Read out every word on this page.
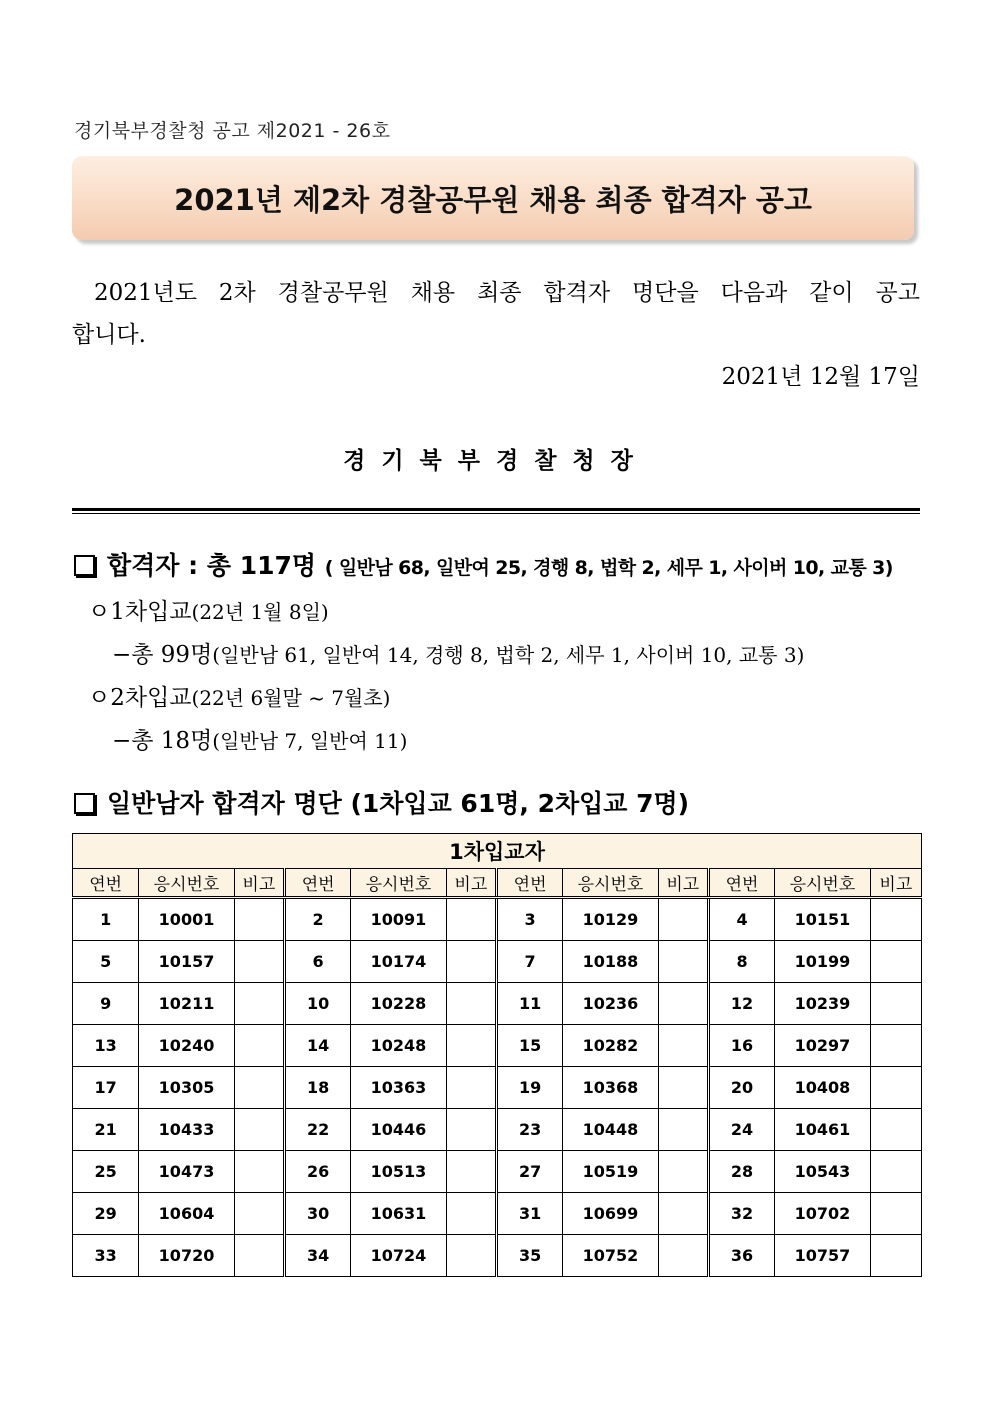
경기북부경찰청 공고 제2021 - 26호
2021년 제2차 경찰공무원 채용 최종 합격자 공고
2021년도 2차 경찰공무원 채용 최종 합격자 명단을 다음과 같이 공고
합니다.
2021년 12월 17일
경기북부경찰청장
합격자 : 총 117명 ( 일반남 68, 일반여 25, 경행 8, 법학 2, 세무 1, 사이버 10, 교통 3)
ㅇ1차입교(22년 1월 8일)
−총 99명(일반남 61, 일반여 14, 경행 8, 법학 2, 세무 1, 사이버 10, 교통 3)
ㅇ2차입교(22년 6월말 ~ 7월초)
−총 18명(일반남 7, 일반여 11)
일반남자 합격자 명단 (1차입교 61명, 2차입교 7명)
1차입교자											
연번	응시번호	비고	연번	응시번호	비고	연번	응시번호	비고	연번	응시번호	비고
1	10001		2	10091		3	10129		4	10151	
5	10157		6	10174		7	10188		8	10199	
9	10211		10	10228		11	10236		12	10239	
13	10240		14	10248		15	10282		16	10297	
17	10305		18	10363		19	10368		20	10408	
21	10433		22	10446		23	10448		24	10461	
25	10473		26	10513		27	10519		28	10543	
29	10604		30	10631		31	10699		32	10702	
33	10720		34	10724		35	10752		36	10757	
